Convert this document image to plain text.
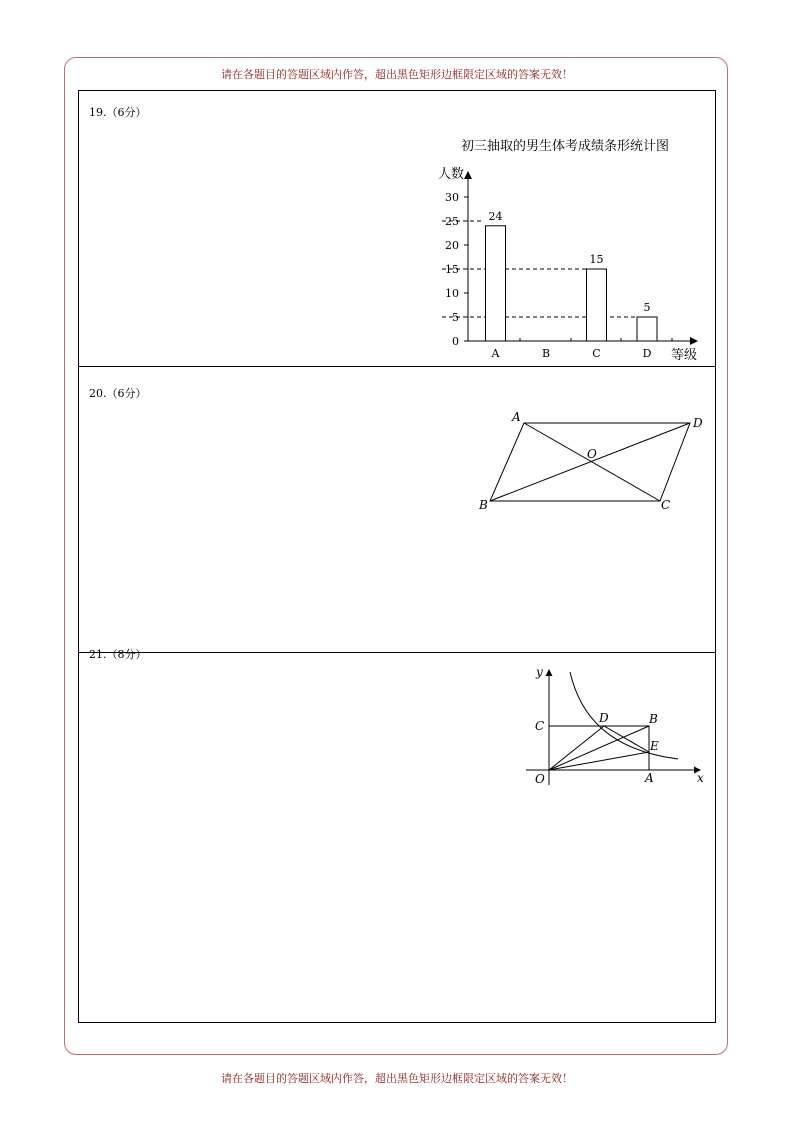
请在各题目的答题区域内作答，超出黑色矩形边框限定区域的答案无效！
19.（6分）
20.（6分）
21.（8分）
初三抽取的男生体考成绩条形统计图
人数
等级
0
5
10
15
20
25
30
A
24
B	C
15
D
5
A	D
O
B	C
y
C
D	B
E
O	A	x
请在各题目的答题区域内作答，超出黑色矩形边框限定区域的答案无效！
